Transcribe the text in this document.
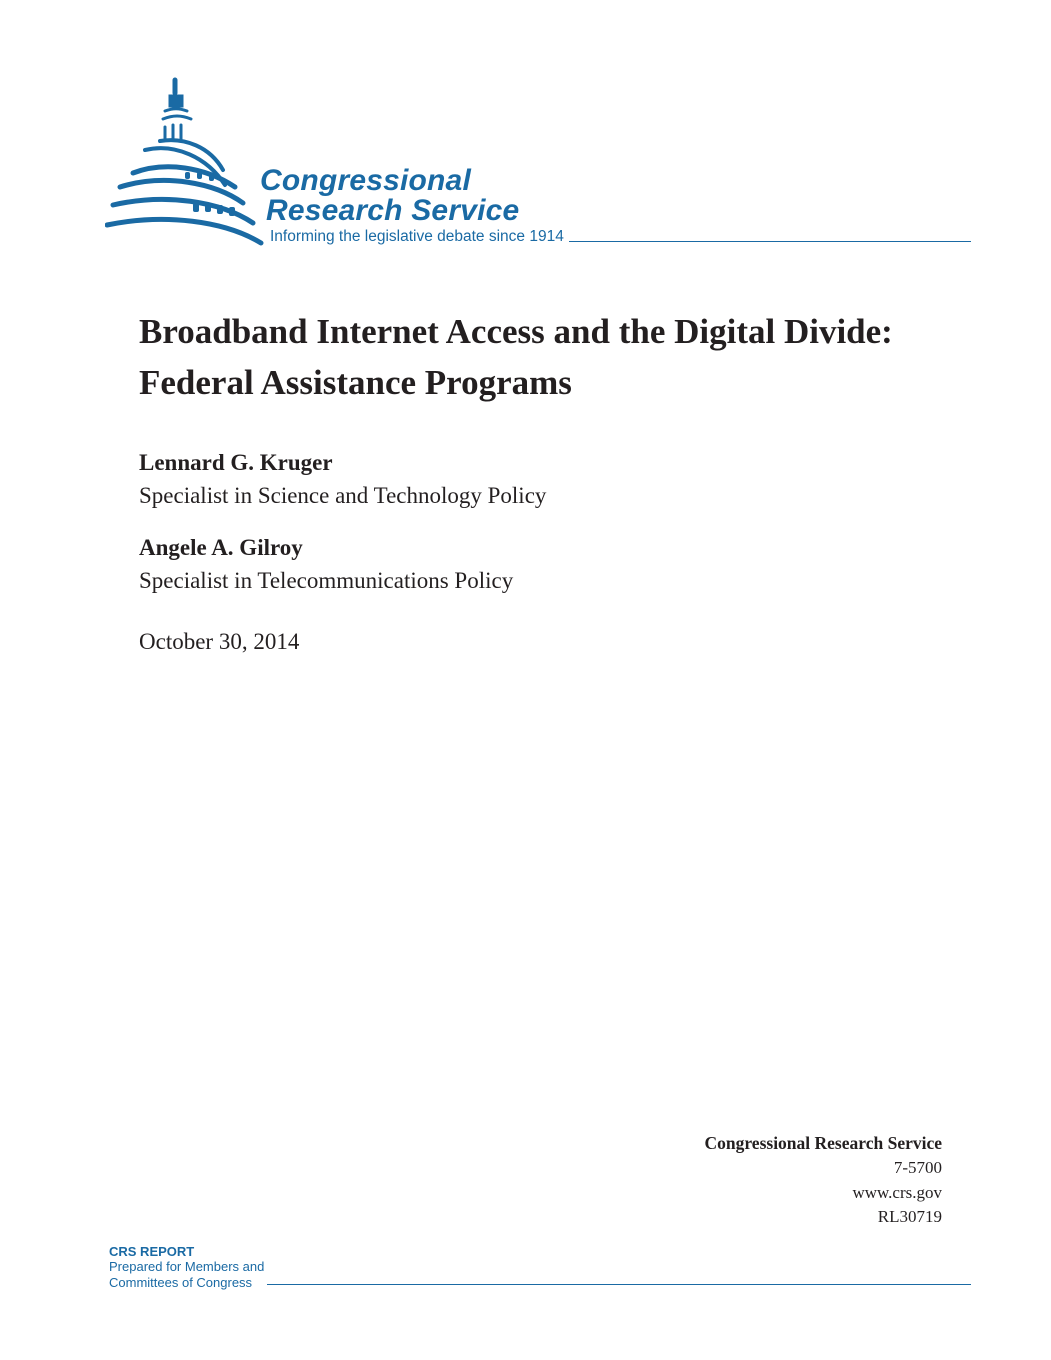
Congressional
Research Service
Informing the legislative debate since 1914
Broadband Internet Access and the Digital Divide: Federal Assistance Programs
Lennard G. Kruger
Specialist in Science and Technology Policy
Angele A. Gilroy
Specialist in Telecommunications Policy
October 30, 2014
Congressional Research Service
7-5700
www.crs.gov
RL30719
CRS REPORT
Prepared for Members and
Committees of Congress
